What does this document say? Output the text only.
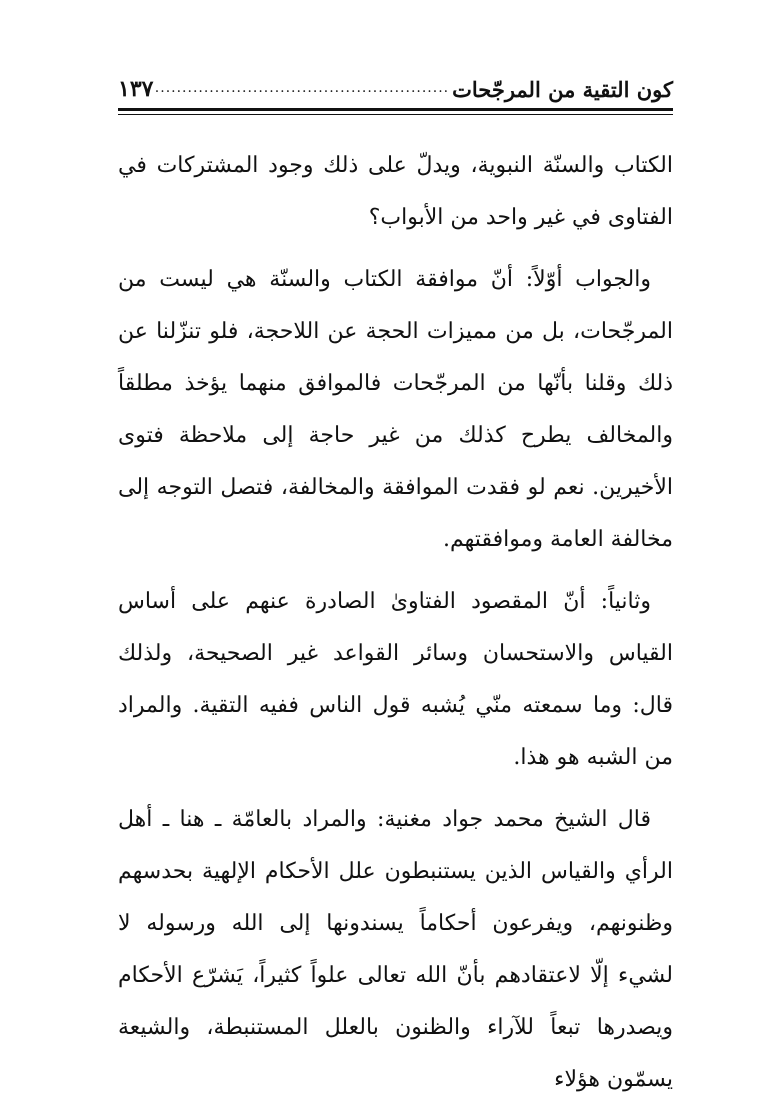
كون التقية من المرجّحات
.....
١٣٧

الكتاب والسنّة النبوية، ويدلّ على ذلك وجود المشتركات في الفتاوى في غير واحد من الأبواب؟

والجواب أوّلاً: أنّ موافقة الكتاب والسنّة هي ليست من المرجّحات، بل من مميزات الحجة عن اللاحجة، فلو تنزّلنا عن ذلك وقلنا بأنّها من المرجّحات فالموافق منهما يؤخذ مطلقاً والمخالف يطرح كذلك من غير حاجة إلى ملاحظة فتوى الأخيرين. نعم لو فقدت الموافقة والمخالفة، فتصل التوجه إلى مخالفة العامة وموافقتهم.

وثانياً: أنّ المقصود الفتاوىٰ الصادرة عنهم على أساس القياس والاستحسان وسائر القواعد غير الصحيحة، ولذلك قال: وما سمعته منّي يُشبه قول الناس ففيه التقية. والمراد من الشبه هو هذا.

قال الشيخ محمد جواد مغنية: والمراد بالعامّة ـ هنا ـ أهل الرأي والقياس الذين يستنبطون علل الأحكام الإلهية بحدسهم وظنونهم، ويفرعون أحكاماً يسندونها إلى الله ورسوله لا لشيء إلّا لاعتقادهم بأنّ الله تعالى علواً كثيراً، يَشرّع الأحكام ويصدرها تبعاً للآراء والظنون بالعلل المستنبطة، والشيعة يسمّون هؤلاء
